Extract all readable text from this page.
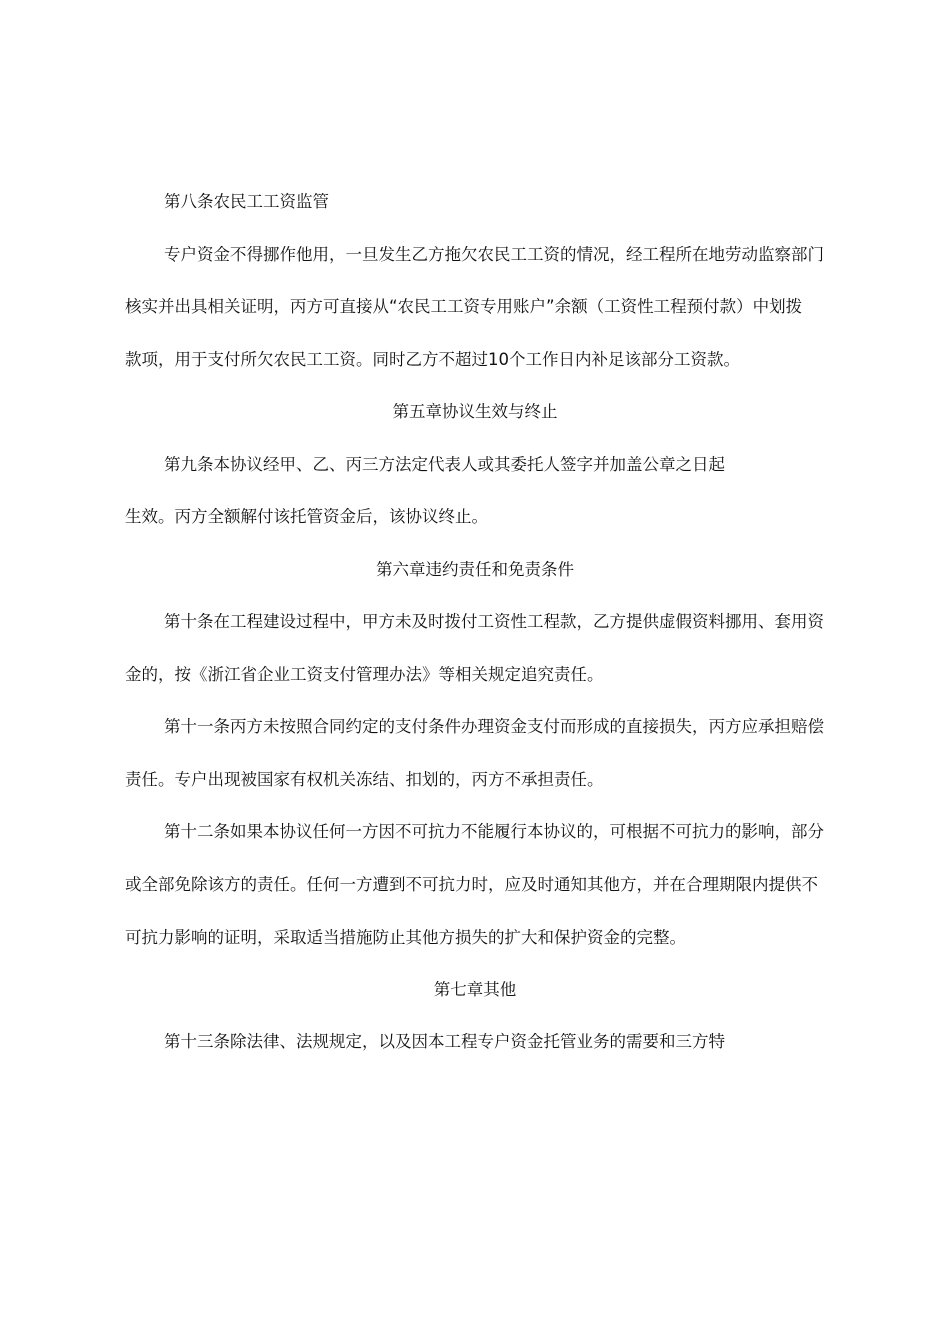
第八条农民工工资监管
专户资金不得挪作他用，一旦发生乙方拖欠农民工工资的情况，经工程所在地劳动监察部门
核实并出具相关证明，丙方可直接从“农民工工资专用账户”余额（工资性工程预付款）中划拨
款项，用于支付所欠农民工工资。同时乙方不超过10个工作日内补足该部分工资款。
第五章协议生效与终止
第九条本协议经甲、乙、丙三方法定代表人或其委托人签字并加盖公章之日起
生效。丙方全额解付该托管资金后，该协议终止。
第六章违约责任和免责条件
第十条在工程建设过程中，甲方未及时拨付工资性工程款，乙方提供虚假资料挪用、套用资
金的，按《浙江省企业工资支付管理办法》等相关规定追究责任。
第十一条丙方未按照合同约定的支付条件办理资金支付而形成的直接损失，丙方应承担赔偿
责任。专户出现被国家有权机关冻结、扣划的，丙方不承担责任。
第十二条如果本协议任何一方因不可抗力不能履行本协议的，可根据不可抗力的影响，部分
或全部免除该方的责任。任何一方遭到不可抗力时，应及时通知其他方，并在合理期限内提供不
可抗力影响的证明，采取适当措施防止其他方损失的扩大和保护资金的完整。
第七章其他
第十三条除法律、法规规定，以及因本工程专户资金托管业务的需要和三方特
